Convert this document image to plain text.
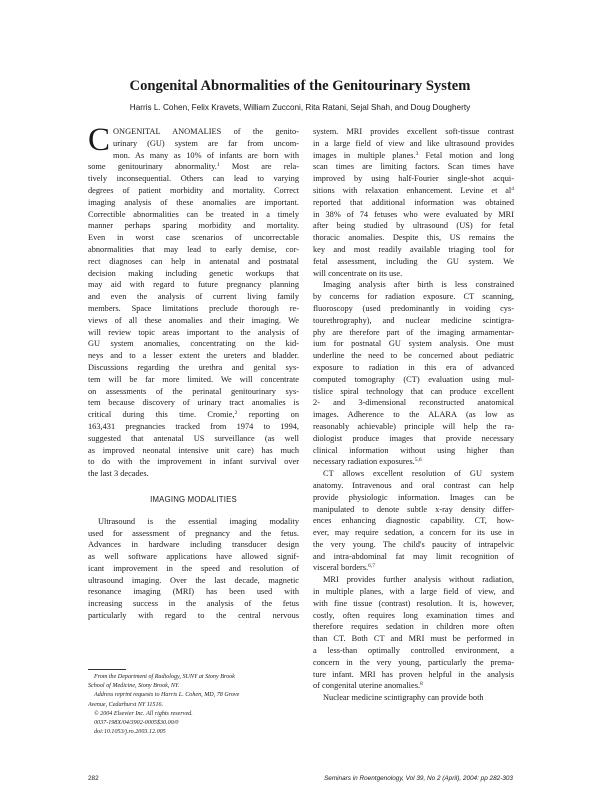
Congenital Abnormalities of the Genitourinary System

Harris L. Cohen, Felix Kravets, William Zucconi, Rita Ratani, Sejal Shah, and Doug Dougherty

C ONGENITAL ANOMALIES of the genito-

urinary (GU) system are far from uncom-

mon. As many as 10% of infants are born with

some genitourinary abnormality.$^1$ Most are rela-

tively inconsequential. Others can lead to varying

degrees of patient morbidity and mortality. Correct

imaging analysis of these anomalies are important.

Correctible abnormalities can be treated in a timely

manner perhaps sparing morbidity and mortality.

Even in worst case scenarios of uncorrectable

abnormalities that may lead to early demise, cor-

rect diagnoses can help in antenatal and postnatal

decision making including genetic workups that

may aid with regard to future pregnancy planning

and even the analysis of current living family

members. Space limitations preclude thorough re-

views of all these anomalies and their imaging. We

will review topic areas important to the analysis of

GU system anomalies, concentrating on the kid-

neys and to a lesser extent the ureters and bladder.

Discussions regarding the urethra and genital sys-

tem will be far more limited. We will concentrate

on assessments of the perinatal genitourinary sys-

tem because discovery of urinary tract anomalies is

critical during this time. Cromie,$^2$ reporting on

163,431 pregnancies tracked from 1974 to 1994,

suggested that antenatal US surveillance (as well

as improved neonatal intensive unit care) has much

to do with the improvement in infant survival over

the last 3 decades.

IMAGING MODALITIES

Ultrasound is the essential imaging modality

used for assessment of pregnancy and the fetus.

Advances in hardware including transducer design

as well software applications have allowed signif-

icant improvement in the speed and resolution of

ultrasound imaging. Over the last decade, magnetic

resonance imaging (MRI) has been used with

increasing success in the analysis of the fetus

particularly with regard to the central nervous

system. MRI provides excellent soft-tissue contrast

in a large field of view and like ultrasound provides

images in multiple planes.$^3$ Fetal motion and long

scan times are limiting factors. Scan times have

improved by using half-Fourier single-shot acqui-

sitions with relaxation enhancement. Levine et $al^4$

reported that additional information was obtained

in 38% of 74 fetuses who were evaluated by MRI

after being studied by ultrasound (US) for fetal

thoracic anomalies. Despite this, US remains the

key and most readily available triaging tool for

fetal assessment, including the GU system. We

will concentrate on its use.

Imaging analysis after birth is less constrained

by concerns for radiation exposure. CT scanning,

fluoroscopy (used predominantly in voiding cys-

tourethrography), and nuclear medicine scintigra-

phy are therefore part of the imaging armamentar-

ium for postnatal GU system analysis. One must

underline the need to be concerned about pediatric

exposure to radiation in this era of advanced

computed tomography (CT) evaluation using mul-

tislice spiral technology that can produce excellent

2- and 3-dimensional reconstructed anatomical

images. Adherence to the ALARA (as low as

reasonably achievable) principle will help the ra-

diologist produce images that provide necessary

clinical information without using higher than

necessary radiation exposures.$^{5,6}$

CT allows excellent resolution of GU system

anatomy. Intravenous and oral contrast can help

provide physiologic information. Images can be

manipulated to denote subtle x-ray density differ-

ences enhancing diagnostic capability. CT, how-

ever, may require sedation, a concern for its use in

the very young. The child's paucity of intrapelvic

and intra-abdominal fat may limit recognition of

visceral borders.$^{6,7}$

MRI provides further analysis without radiation,

in multiple planes, with a large field of view, and

with fine tissue (contrast) resolution. It is, however,

costly, often requires long examination times and

therefore requires sedation in children more often

than CT. Both CT and MRI must be performed in

a less-than optimally controlled environment, a

concern in the very young, particularly the prema-

ture infant. MRI has proven helpful in the analysis

of congenital uterine anomalies.$^8$

Nuclear medicine scintigraphy can provide both

From the Department of Radiology, SUNY at Stony Brook

School of Medicine, Stony Brook, NY.

Address reprint requests to Harris L. Cohen, MD, 78 Grove

Avenue, Cedarhurst NY 11516.

© 2004 Elsevier Inc. All rights reserved.

0037-198X/04/3902-0005$30.00/0

doi:10.1053/j.ro.2003.12.005

282	Seminars in Roentgenology, Vol 39, No 2 (April), 2004: pp 282-303
